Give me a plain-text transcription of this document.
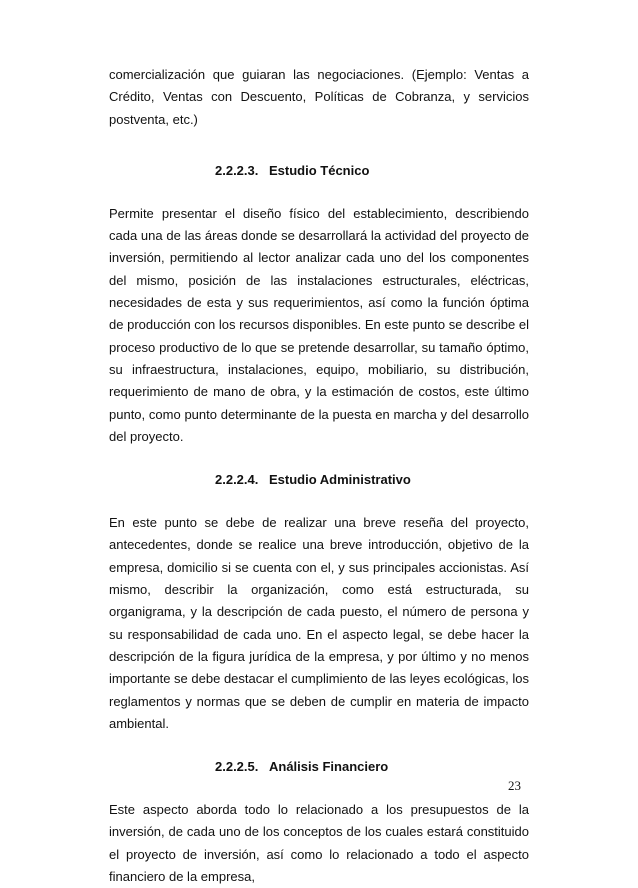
comercialización que guiaran las negociaciones. (Ejemplo: Ventas a Crédito, Ventas con Descuento, Políticas de Cobranza, y servicios postventa, etc.)

2.2.2.3. Estudio Técnico

Permite presentar el diseño físico del establecimiento, describiendo cada una de las áreas donde se desarrollará la actividad del proyecto de inversión, permitiendo al lector analizar cada uno del los componentes del mismo, posición de las instalaciones estructurales, eléctricas, necesidades de esta y sus requerimientos, así como la función óptima de producción con los recursos disponibles. En este punto se describe el proceso productivo de lo que se pretende desarrollar, su tamaño óptimo, su infraestructura, instalaciones, equipo, mobiliario, su distribución, requerimiento de mano de obra, y la estimación de costos, este último punto, como punto determinante de la puesta en marcha y del desarrollo del proyecto.

2.2.2.4. Estudio Administrativo

En este punto se debe de realizar una breve reseña del proyecto, antecedentes, donde se realice una breve introducción, objetivo de la empresa, domicilio si se cuenta con el, y sus principales accionistas. Así mismo, describir la organización, como está estructurada, su organigrama, y la descripción de cada puesto, el número de persona y su responsabilidad de cada uno. En el aspecto legal, se debe hacer la descripción de la figura jurídica de la empresa, y por último y no menos importante se debe destacar el cumplimiento de las leyes ecológicas, los reglamentos y normas que se deben de cumplir en materia de impacto ambiental.

2.2.2.5. Análisis Financiero

Este aspecto aborda todo lo relacionado a los presupuestos de la inversión, de cada uno de los conceptos de los cuales estará constituido el proyecto de inversión, así como lo relacionado a todo el aspecto financiero de la empresa,

23
